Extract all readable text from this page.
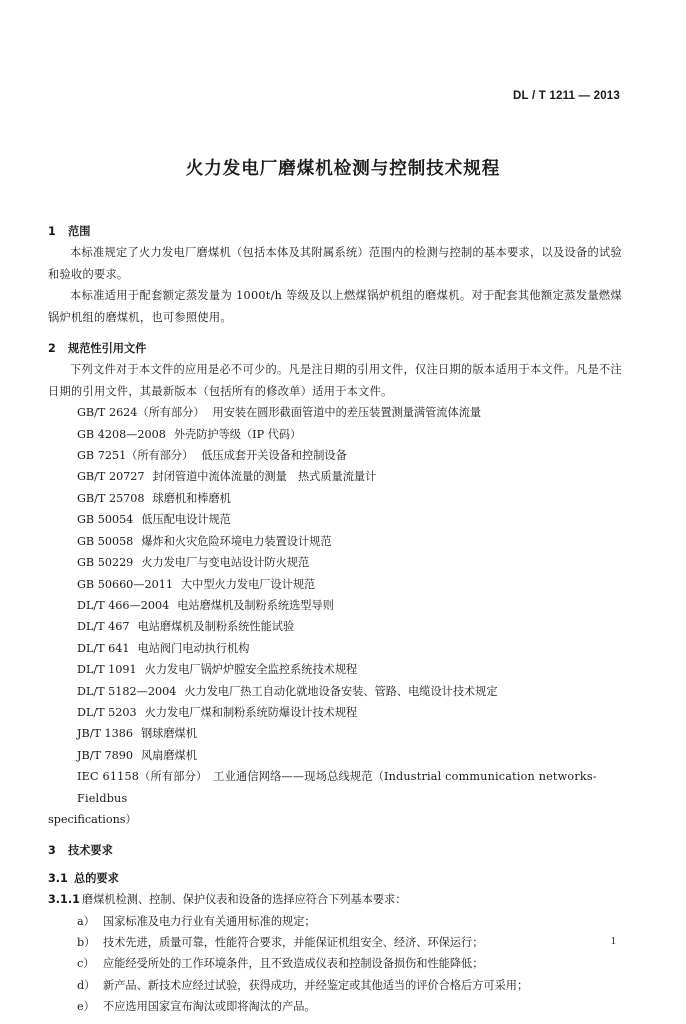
DL / T 1211 — 2013
火力发电厂磨煤机检测与控制技术规程
1 范围
本标准规定了火力发电厂磨煤机（包括本体及其附属系统）范围内的检测与控制的基本要求，以及设备的试验和验收的要求。
本标准适用于配套额定蒸发量为 1000t/h 等级及以上燃煤锅炉机组的磨煤机。对于配套其他额定蒸发量燃煤锅炉机组的磨煤机，也可参照使用。
2 规范性引用文件
下列文件对于本文件的应用是必不可少的。凡是注日期的引用文件，仅注日期的版本适用于本文件。凡是不注日期的引用文件，其最新版本（包括所有的修改单）适用于本文件。
GB/T 2624（所有部分） 用安装在圆形截面管道中的差压装置测量满管流体流量
GB 4208—2008 外壳防护等级（IP 代码）
GB 7251（所有部分） 低压成套开关设备和控制设备
GB/T 20727 封闭管道中流体流量的测量　热式质量流量计
GB/T 25708 球磨机和棒磨机
GB 50054 低压配电设计规范
GB 50058 爆炸和火灾危险环境电力装置设计规范
GB 50229 火力发电厂与变电站设计防火规范
GB 50660—2011 大中型火力发电厂设计规范
DL/T 466—2004 电站磨煤机及制粉系统选型导则
DL/T 467 电站磨煤机及制粉系统性能试验
DL/T 641 电站阀门电动执行机构
DL/T 1091 火力发电厂锅炉炉膛安全监控系统技术规程
DL/T 5182—2004 火力发电厂热工自动化就地设备安装、管路、电缆设计技术规定
DL/T 5203 火力发电厂煤和制粉系统防爆设计技术规程
JB/T 1386 钢球磨煤机
JB/T 7890 风扇磨煤机
IEC 61158（所有部分）　工业通信网络——现场总线规范（Industrial communication networks-Fieldbus
specifications）
3 技术要求
3.1 总的要求
3.1.1 磨煤机检测、控制、保护仪表和设备的选择应符合下列基本要求：
a） 国家标准及电力行业有关通用标准的规定；
b） 技术先进，质量可靠，性能符合要求，并能保证机组安全、经济、环保运行；
c） 应能经受所处的工作环境条件，且不致造成仪表和控制设备损伤和性能降低；
d） 新产品、新技术应经过试验，获得成功，并经鉴定或其他适当的评价合格后方可采用；
e） 不应选用国家宣布淘汰或即将淘汰的产品。
1
